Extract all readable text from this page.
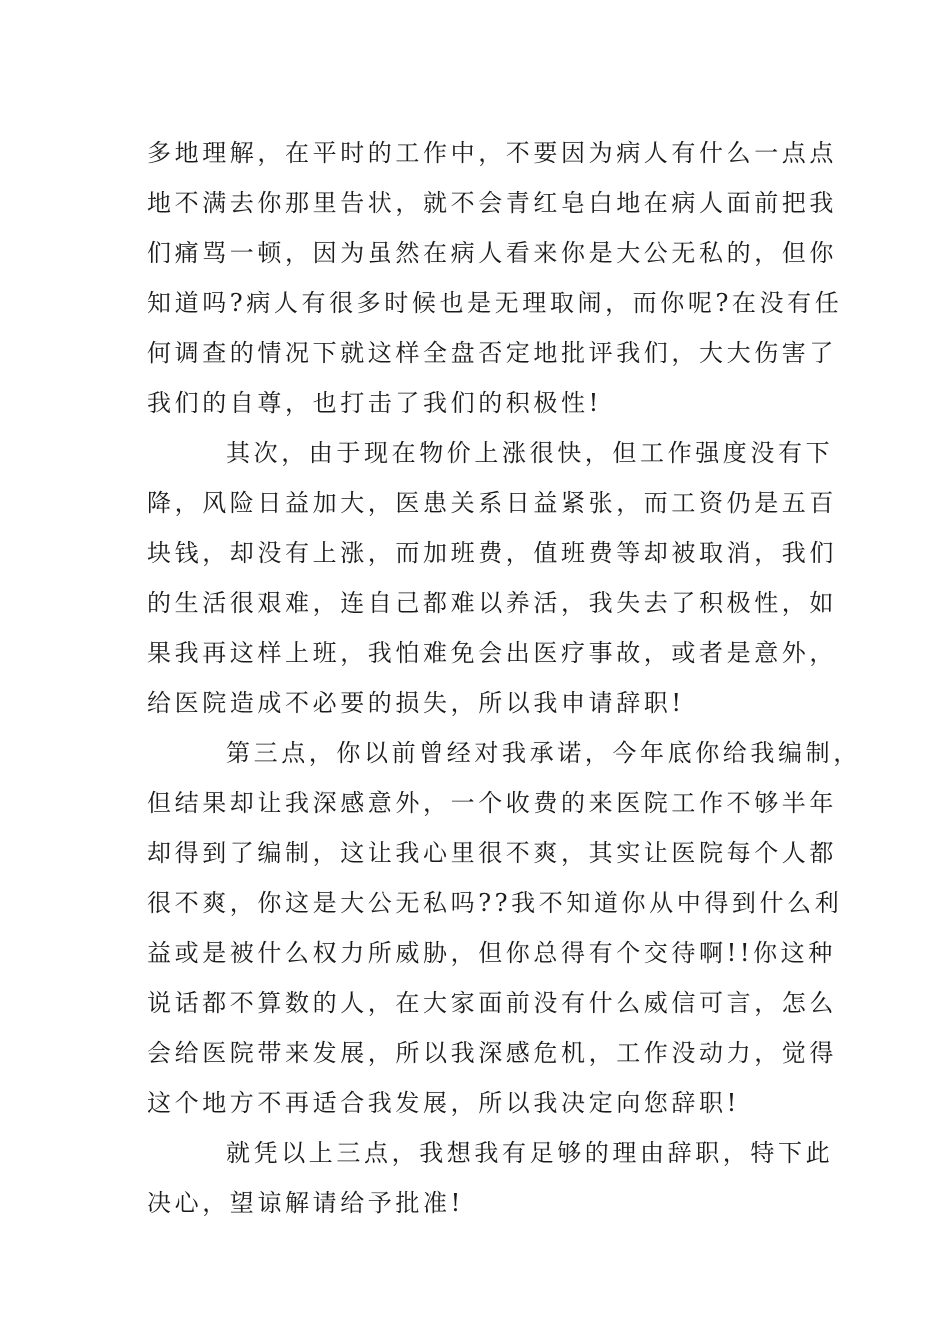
多地理解，在平时的工作中，不要因为病人有什么一点点
地不满去你那里告状，就不会青红皂白地在病人面前把我
们痛骂一顿，因为虽然在病人看来你是大公无私的，但你
知道吗?病人有很多时候也是无理取闹，而你呢?在没有任
何调查的情况下就这样全盘否定地批评我们，大大伤害了
我们的自尊，也打击了我们的积极性!
其次，由于现在物价上涨很快，但工作强度没有下
降，风险日益加大，医患关系日益紧张，而工资仍是五百
块钱，却没有上涨，而加班费，值班费等却被取消，我们
的生活很艰难，连自己都难以养活，我失去了积极性，如
果我再这样上班，我怕难免会出医疗事故，或者是意外，
给医院造成不必要的损失，所以我申请辞职!
第三点，你以前曾经对我承诺，今年底你给我编制，
但结果却让我深感意外，一个收费的来医院工作不够半年
却得到了编制，这让我心里很不爽，其实让医院每个人都
很不爽，你这是大公无私吗??我不知道你从中得到什么利
益或是被什么权力所威胁，但你总得有个交待啊!!你这种
说话都不算数的人，在大家面前没有什么威信可言，怎么
会给医院带来发展，所以我深感危机，工作没动力，觉得
这个地方不再适合我发展，所以我决定向您辞职!
就凭以上三点，我想我有足够的理由辞职，特下此
决心，望谅解请给予批准!
